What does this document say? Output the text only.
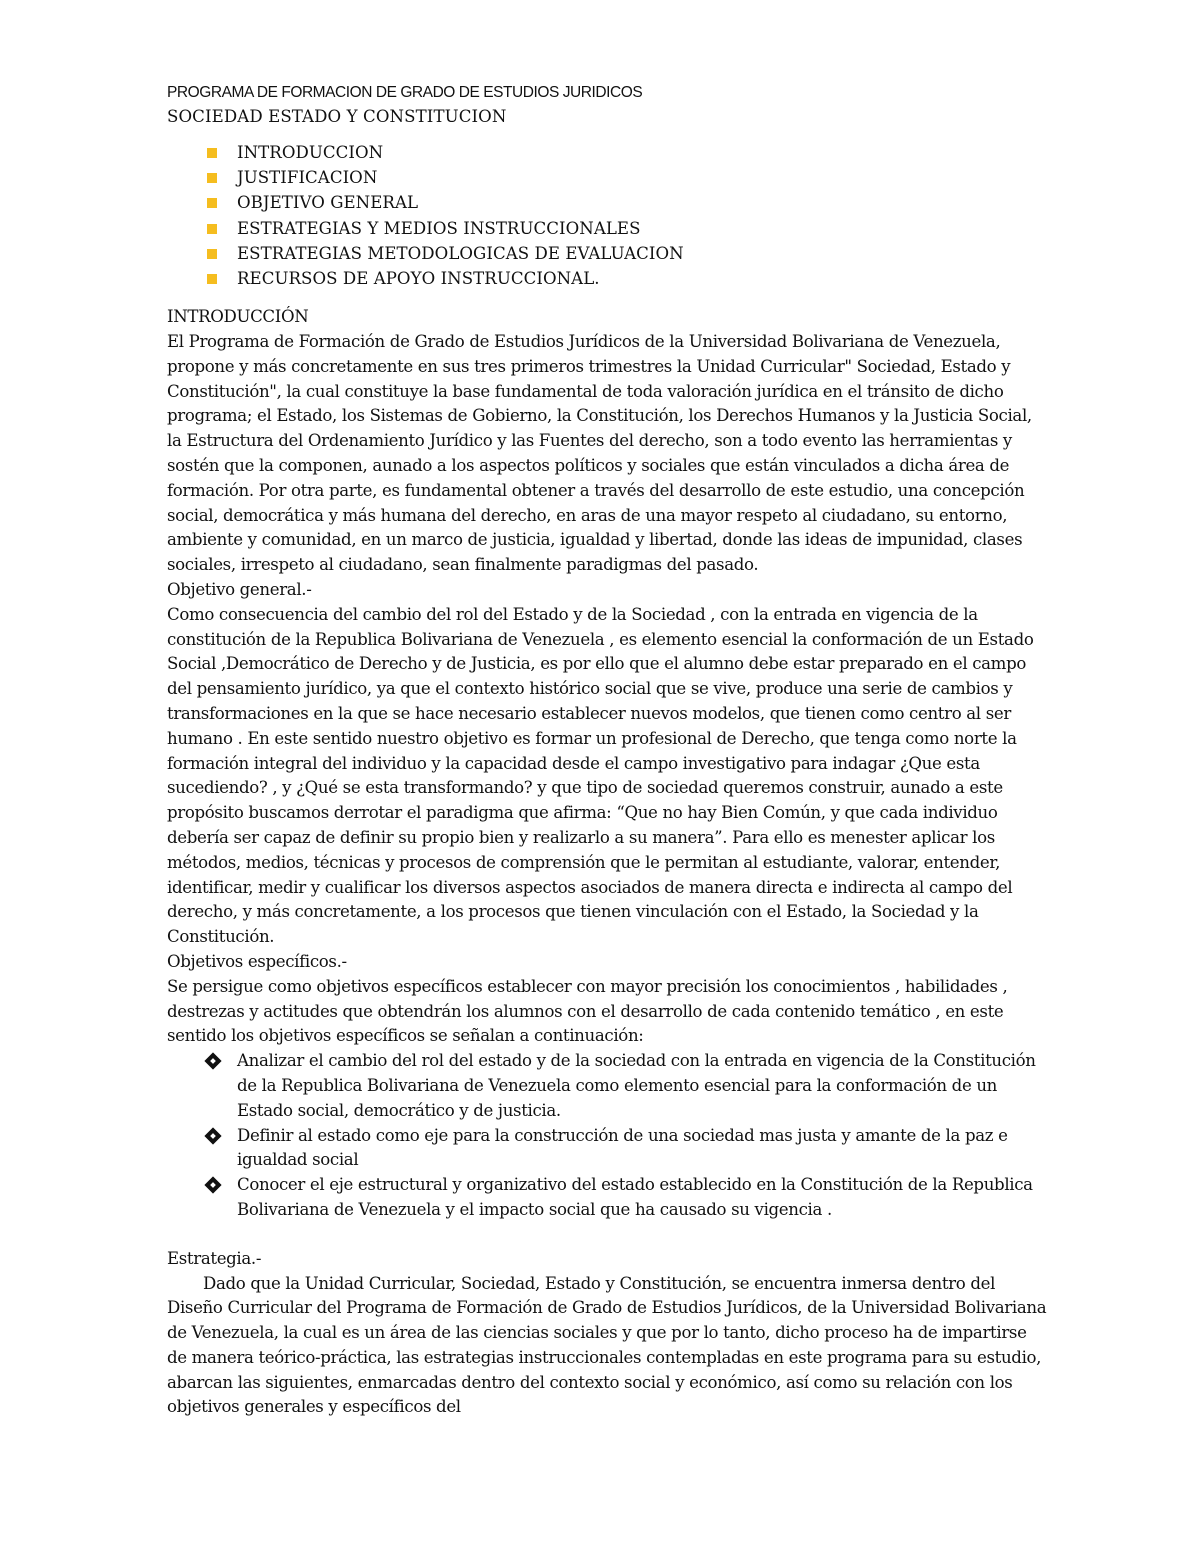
PROGRAMA DE FORMACION DE GRADO DE ESTUDIOS JURIDICOS

SOCIEDAD ESTADO Y CONSTITUCION

INTRODUCCION
JUSTIFICACION
OBJETIVO GENERAL
ESTRATEGIAS Y MEDIOS INSTRUCCIONALES
ESTRATEGIAS METODOLOGICAS DE EVALUACION
RECURSOS DE APOYO INSTRUCCIONAL.

INTRODUCCIÓN

El Programa de Formación de Grado de Estudios Jurídicos de la Universidad Bolivariana de Venezuela, propone y más concretamente en sus tres primeros trimestres la Unidad Curricular" Sociedad, Estado y Constitución", la cual constituye la base fundamental de toda valoración jurídica en el tránsito de dicho programa; el Estado, los Sistemas de Gobierno, la Constitución, los Derechos Humanos y la Justicia Social, la Estructura del Ordenamiento Jurídico y las Fuentes del derecho, son a todo evento las herramientas y sostén que la componen, aunado a los aspectos políticos y sociales que están vinculados a dicha área de formación. Por otra parte, es fundamental obtener a través del desarrollo de este estudio, una concepción social, democrática y más humana del derecho, en aras de una mayor respeto al ciudadano, su entorno, ambiente y comunidad, en un marco de justicia, igualdad y libertad, donde las ideas de impunidad, clases sociales, irrespeto al ciudadano, sean finalmente paradigmas del pasado.

Objetivo general.-

Como consecuencia del cambio del rol del Estado y de la Sociedad , con la entrada en vigencia de la constitución de la Republica Bolivariana de Venezuela , es elemento esencial la conformación de un Estado Social ,Democrático de Derecho y de Justicia, es por ello que el alumno debe estar preparado en el campo del pensamiento jurídico, ya que el contexto histórico social que se vive, produce una serie de cambios y transformaciones en la que se hace necesario establecer nuevos modelos, que tienen como centro al ser humano . En este sentido nuestro objetivo es formar un profesional de Derecho, que tenga como norte la formación integral del individuo y la capacidad desde el campo investigativo para indagar ¿Que esta sucediendo? , y ¿Qué se esta transformando? y que tipo de sociedad queremos construir, aunado a este propósito buscamos derrotar el paradigma que afirma: “Que no hay Bien Común, y que cada individuo debería ser capaz de definir su propio bien y realizarlo a su manera”. Para ello es menester aplicar los métodos, medios, técnicas y procesos de comprensión que le permitan al estudiante, valorar, entender, identificar, medir y cualificar los diversos aspectos asociados de manera directa e indirecta al campo del derecho, y más concretamente, a los procesos que tienen vinculación con el Estado, la Sociedad y la Constitución.

Objetivos específicos.-

Se persigue como objetivos específicos establecer con mayor precisión los conocimientos , habilidades , destrezas y actitudes que obtendrán los alumnos con el desarrollo de cada contenido temático , en este sentido los objetivos específicos se señalan a continuación:

Analizar el cambio del rol del estado y de la sociedad con la entrada en vigencia de la Constitución de la Republica Bolivariana de Venezuela como elemento esencial para la conformación de un Estado social, democrático y de justicia.
Definir al estado como eje para la construcción de una sociedad mas justa y amante de la paz e igualdad social
Conocer el eje estructural y organizativo del estado establecido en la Constitución de la Republica Bolivariana de Venezuela y el impacto social que ha causado su vigencia .

Estrategia.-

Dado que la Unidad Curricular, Sociedad, Estado y Constitución, se encuentra inmersa dentro del Diseño Curricular del Programa de Formación de Grado de Estudios Jurídicos, de la Universidad Bolivariana de Venezuela, la cual es un área de las ciencias sociales y que por lo tanto, dicho proceso ha de impartirse de manera teórico-práctica, las estrategias instruccionales contempladas en este programa para su estudio, abarcan las siguientes, enmarcadas dentro del contexto social y económico, así como su relación con los objetivos generales y específicos del
